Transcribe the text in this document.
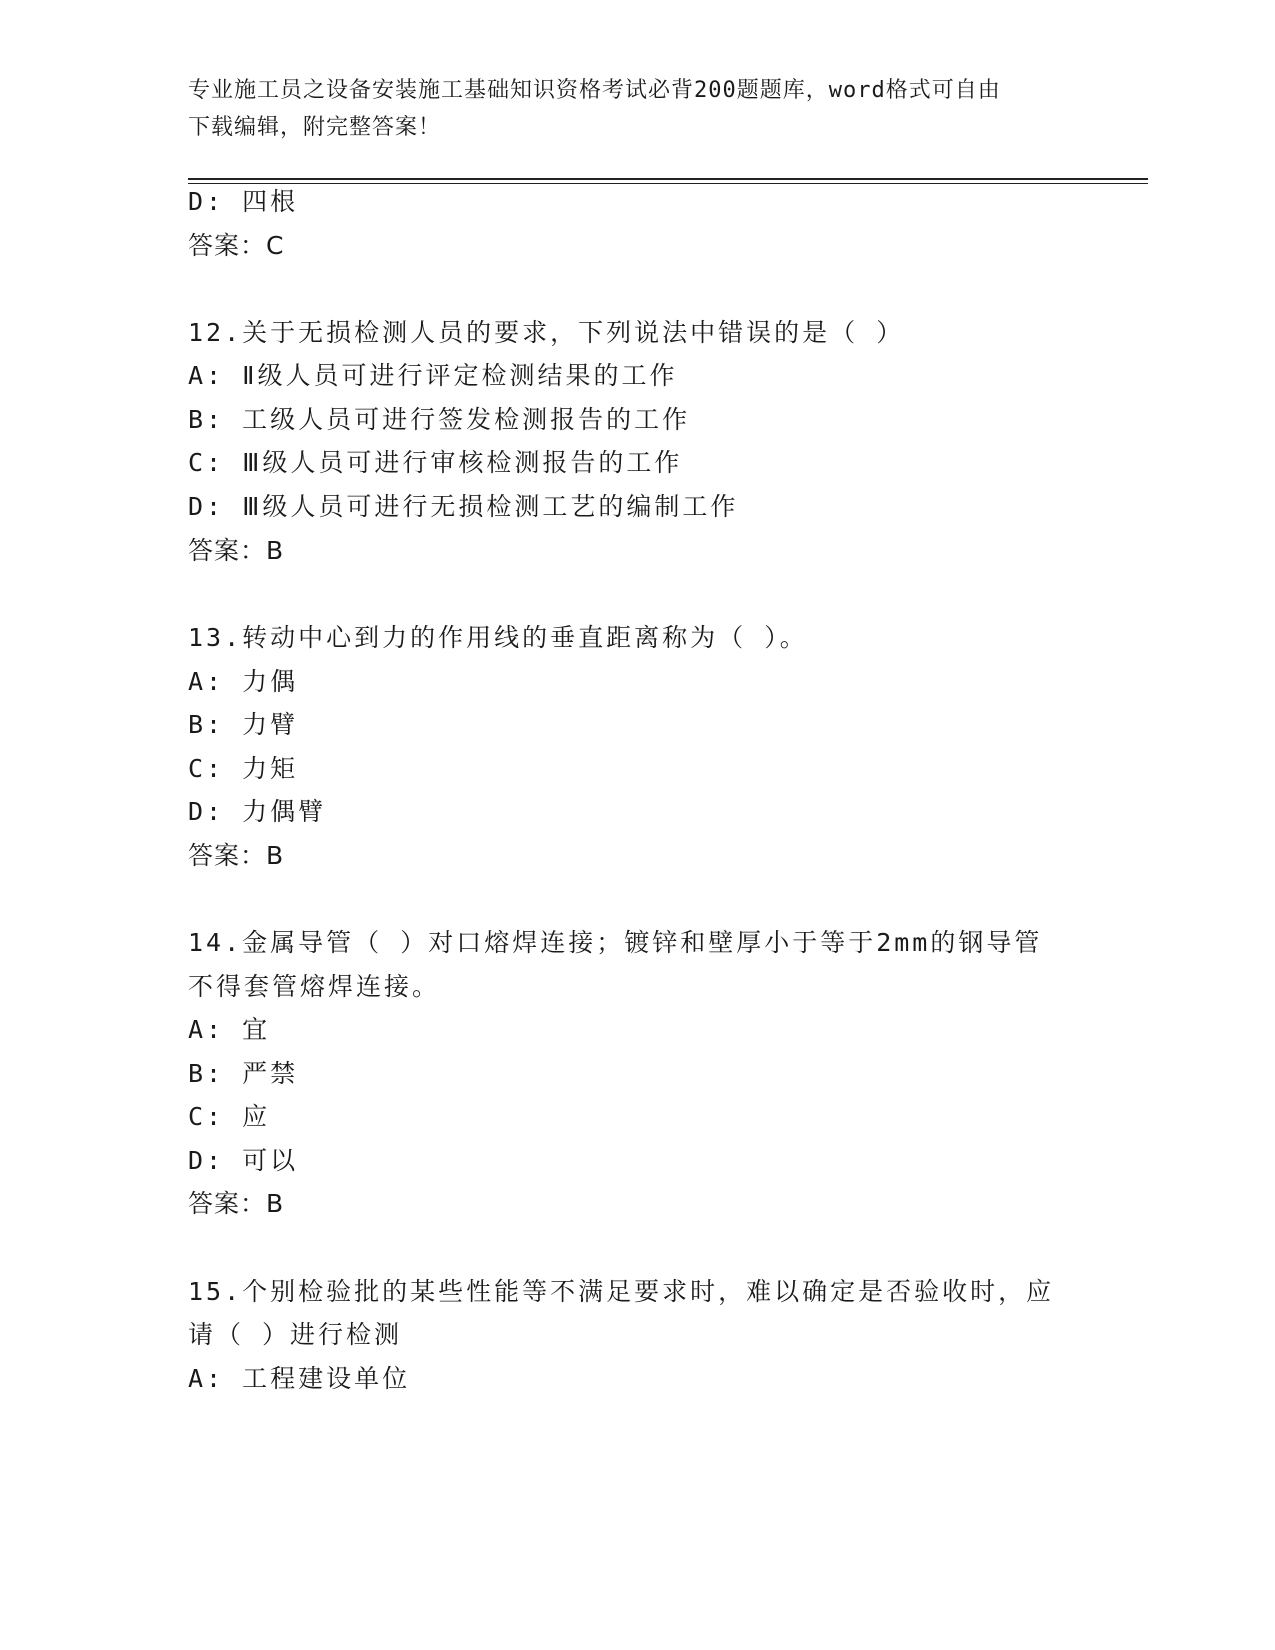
专业施工员之设备安装施工基础知识资格考试必背200题题库，word格式可自由
下载编辑，附完整答案！
D: 四根
答案：C
12.关于无损检测人员的要求，下列说法中错误的是（ ）
A: Ⅱ级人员可进行评定检测结果的工作
B: 工级人员可进行签发检测报告的工作
C: Ⅲ级人员可进行审核检测报告的工作
D: Ⅲ级人员可进行无损检测工艺的编制工作
答案：B
13.转动中心到力的作用线的垂直距离称为（ ）。
A: 力偶
B: 力臂
C: 力矩
D: 力偶臂
答案：B
14.金属导管（ ）对口熔焊连接；镀锌和壁厚小于等于2mm的钢导管
不得套管熔焊连接。
A: 宜
B: 严禁
C: 应
D: 可以
答案：B
15.个别检验批的某些性能等不满足要求时，难以确定是否验收时，应
请（ ）进行检测
A: 工程建设单位
